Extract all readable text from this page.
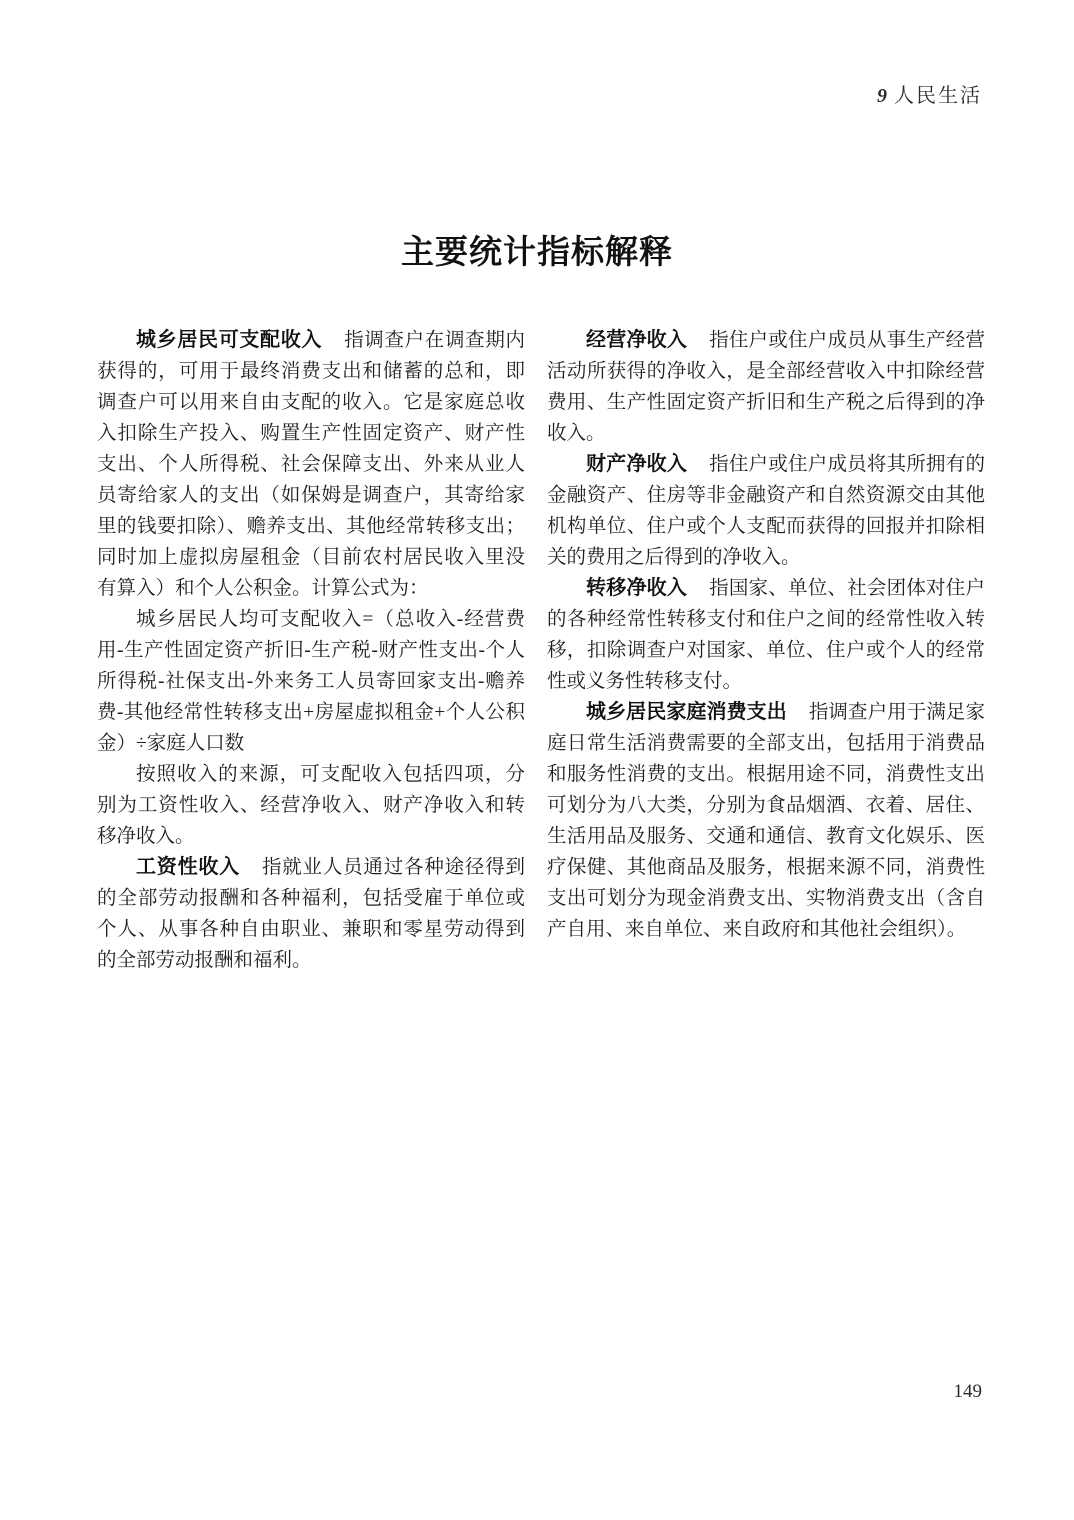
9 人民生活
主要统计指标解释

城乡居民可支配收入 指调查户在调查期内获得的，可用于最终消费支出和储蓄的总和，即调查户可以用来自由支配的收入。它是家庭总收入扣除生产投入、购置生产性固定资产、财产性支出、个人所得税、社会保障支出、外来从业人员寄给家人的支出（如保姆是调查户，其寄给家里的钱要扣除）、赡养支出、其他经常转移支出；同时加上虚拟房屋租金（目前农村居民收入里没有算入）和个人公积金。计算公式为：

城乡居民人均可支配收入=（总收入-经营费用-生产性固定资产折旧-生产税-财产性支出-个人所得税-社保支出-外来务工人员寄回家支出-赡养费-其他经常性转移支出+房屋虚拟租金+个人公积金）÷家庭人口数

按照收入的来源，可支配收入包括四项，分别为工资性收入、经营净收入、财产净收入和转移净收入。

工资性收入 指就业人员通过各种途径得到的全部劳动报酬和各种福利，包括受雇于单位或个人、从事各种自由职业、兼职和零星劳动得到的全部劳动报酬和福利。

经营净收入 指住户或住户成员从事生产经营活动所获得的净收入，是全部经营收入中扣除经营费用、生产性固定资产折旧和生产税之后得到的净收入。

财产净收入 指住户或住户成员将其所拥有的金融资产、住房等非金融资产和自然资源交由其他机构单位、住户或个人支配而获得的回报并扣除相关的费用之后得到的净收入。

转移净收入 指国家、单位、社会团体对住户的各种经常性转移支付和住户之间的经常性收入转移，扣除调查户对国家、单位、住户或个人的经常性或义务性转移支付。

城乡居民家庭消费支出 指调查户用于满足家庭日常生活消费需要的全部支出，包括用于消费品和服务性消费的支出。根据用途不同，消费性支出可划分为八大类，分别为食品烟酒、衣着、居住、生活用品及服务、交通和通信、教育文化娱乐、医疗保健、其他商品及服务，根据来源不同，消费性支出可划分为现金消费支出、实物消费支出（含自产自用、来自单位、来自政府和其他社会组织）。

149
